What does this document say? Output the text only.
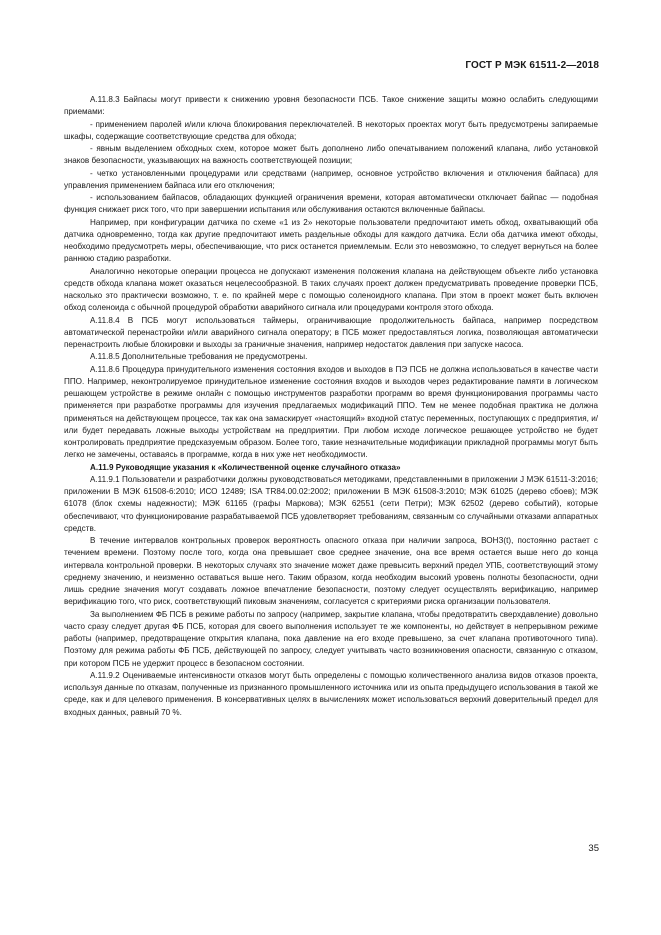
ГОСТ Р МЭК 61511-2—2018

A.11.8.3 Байпасы могут привести к снижению уровня безопасности ПСБ. Такое снижение защиты можно ослабить следующими приемами:

- применением паролей и/или ключа блокирования переключателей. В некоторых проектах могут быть предусмотрены запираемые шкафы, содержащие соответствующие средства для обхода;

- явным выделением обходных схем, которое может быть дополнено либо опечатыванием положений клапана, либо установкой знаков безопасности, указывающих на важность соответствующей позиции;

- четко установленными процедурами или средствами (например, основное устройство включения и отключения байпаса) для управления применением байпаса или его отключения;

- использованием байпасов, обладающих функцией ограничения времени, которая автоматически отключает байпас — подобная функция снижает риск того, что при завершении испытания или обслуживания остаются включенные байпасы.

Например, при конфигурации датчика по схеме «1 из 2» некоторые пользователи предпочитают иметь обход, охватывающий оба датчика одновременно, тогда как другие предпочитают иметь раздельные обходы для каждого датчика. Если оба датчика имеют обходы, необходимо предусмотреть меры, обеспечивающие, что риск останется приемлемым. Если это невозможно, то следует вернуться на более раннюю стадию разработки.

Аналогично некоторые операции процесса не допускают изменения положения клапана на действующем объекте либо установка средств обхода клапана может оказаться нецелесообразной. В таких случаях проект должен предусматривать проведение проверки ПСБ, насколько это практически возможно, т. е. по крайней мере с помощью соленоидного клапана. При этом в проект может быть включен обход соленоида с обычной процедурой обработки аварийного сигнала или процедурами контроля этого обхода.

A.11.8.4 В ПСБ могут использоваться таймеры, ограничивающие продолжительность байпаса, например посредством автоматической перенастройки и/или аварийного сигнала оператору; в ПСБ может предоставляться логика, позволяющая автоматически перенастроить любые блокировки и выходы за граничные значения, например недостаток давления при запуске насоса.

A.11.8.5 Дополнительные требования не предусмотрены.

A.11.8.6 Процедура принудительного изменения состояния входов и выходов в ПЭ ПСБ не должна использоваться в качестве части ППО. Например, неконтролируемое принудительное изменение состояния входов и выходов через редактирование памяти в логическом решающем устройстве в режиме онлайн с помощью инструментов разработки программ во время функционирования программы часто применяется при разработке программы для изучения предлагаемых модификаций ППО. Тем не менее подобная практика не должна применяться на действующем процессе, так как она замаскирует «настоящий» входной статус переменных, поступающих с предприятия, и/или будет передавать ложные выходы устройствам на предприятии. При любом исходе логическое решающее устройство не будет контролировать предприятие предсказуемым образом. Более того, такие незначительные модификации прикладной программы могут быть легко не замечены, оставаясь в программе, когда в них уже нет необходимости.

A.11.9 Руководящие указания к «Количественной оценке случайного отказа»

A.11.9.1 Пользователи и разработчики должны руководствоваться методиками, представленными в приложении J МЭК 61511-3:2016; приложении В МЭК 61508-6:2010; ИСО 12489; ISA TR84.00.02:2002; приложении В МЭК 61508-3:2010; МЭК 61025 (дерево сбоев); МЭК 61078 (блок схемы надежности); МЭК 61165 (графы Маркова); МЭК 62551 (сети Петри); МЭК 62502 (дерево событий), которые обеспечивают, что функционирование разрабатываемой ПСБ удовлетворяет требованиям, связанным со случайными отказами аппаратных средств.

В течение интервалов контрольных проверок вероятность опасного отказа при наличии запроса, ВОНЗ(t), постоянно растает с течением времени. Поэтому после того, когда она превышает свое среднее значение, она все время остается выше него до конца интервала контрольной проверки. В некоторых случаях это значение может даже превысить верхний предел УПБ, соответствующий этому среднему значению, и неизменно оставаться выше него. Таким образом, когда необходим высокий уровень полноты безопасности, одни лишь средние значения могут создавать ложное впечатление безопасности, поэтому следует осуществлять верификацию, например верификацию того, что риск, соответствующий пиковым значениям, согласуется с критериями риска организации пользователя.

За выполнением ФБ ПСБ в режиме работы по запросу (например, закрытие клапана, чтобы предотвратить сверхдавление) довольно часто сразу следует другая ФБ ПСБ, которая для своего выполнения использует те же компоненты, но действует в непрерывном режиме работы (например, предотвращение открытия клапана, пока давление на его входе превышено, за счет клапана противоточного типа). Поэтому для режима работы ФБ ПСБ, действующей по запросу, следует учитывать часто возникновения опасности, связанную с отказом, при котором ПСБ не удержит процесс в безопасном состоянии.

A.11.9.2 Оцениваемые интенсивности отказов могут быть определены с помощью количественного анализа видов отказов проекта, используя данные по отказам, полученные из признанного промышленного источника или из опыта предыдущего использования в такой же среде, как и для целевого применения. В консервативных целях в вычислениях может использоваться верхний доверительный предел для входных данных, равный 70 %.

35
